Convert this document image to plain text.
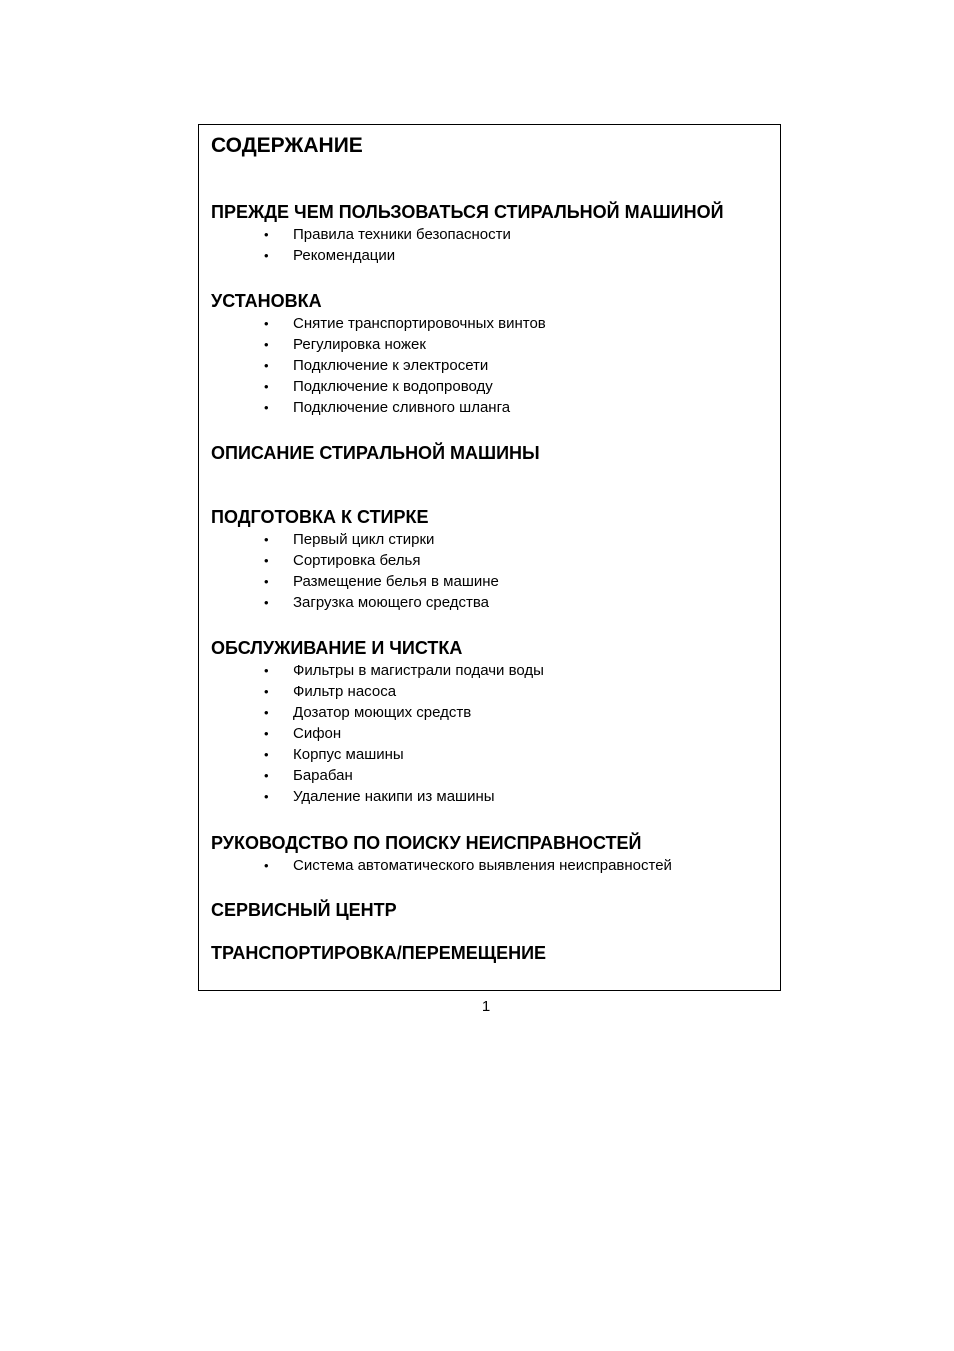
СОДЕРЖАНИЕ
ПРЕЖДЕ ЧЕМ ПОЛЬЗОВАТЬСЯ СТИРАЛЬНОЙ МАШИНОЙ
• Правила техники безопасности
• Рекомендации
УСТАНОВКА
• Снятие транспортировочных винтов
• Регулировка ножек
• Подключение к электросети
• Подключение к водопроводу
• Подключение сливного шланга
ОПИСАНИЕ СТИРАЛЬНОЙ МАШИНЫ
ПОДГОТОВКА К СТИРКЕ
• Первый цикл стирки
• Сортировка белья
• Размещение белья в машине
• Загрузка моющего средства
ОБСЛУЖИВАНИЕ И ЧИСТКА
• Фильтры в магистрали подачи воды
• Фильтр насоса
• Дозатор моющих средств
• Сифон
• Корпус машины
• Барабан
• Удаление накипи из машины
РУКОВОДСТВО ПО ПОИСКУ НЕИСПРАВНОСТЕЙ
• Система автоматического выявления неисправностей
СЕРВИСНЫЙ ЦЕНТР
ТРАНСПОРТИРОВКА/ПЕРЕМЕЩЕНИЕ
1
